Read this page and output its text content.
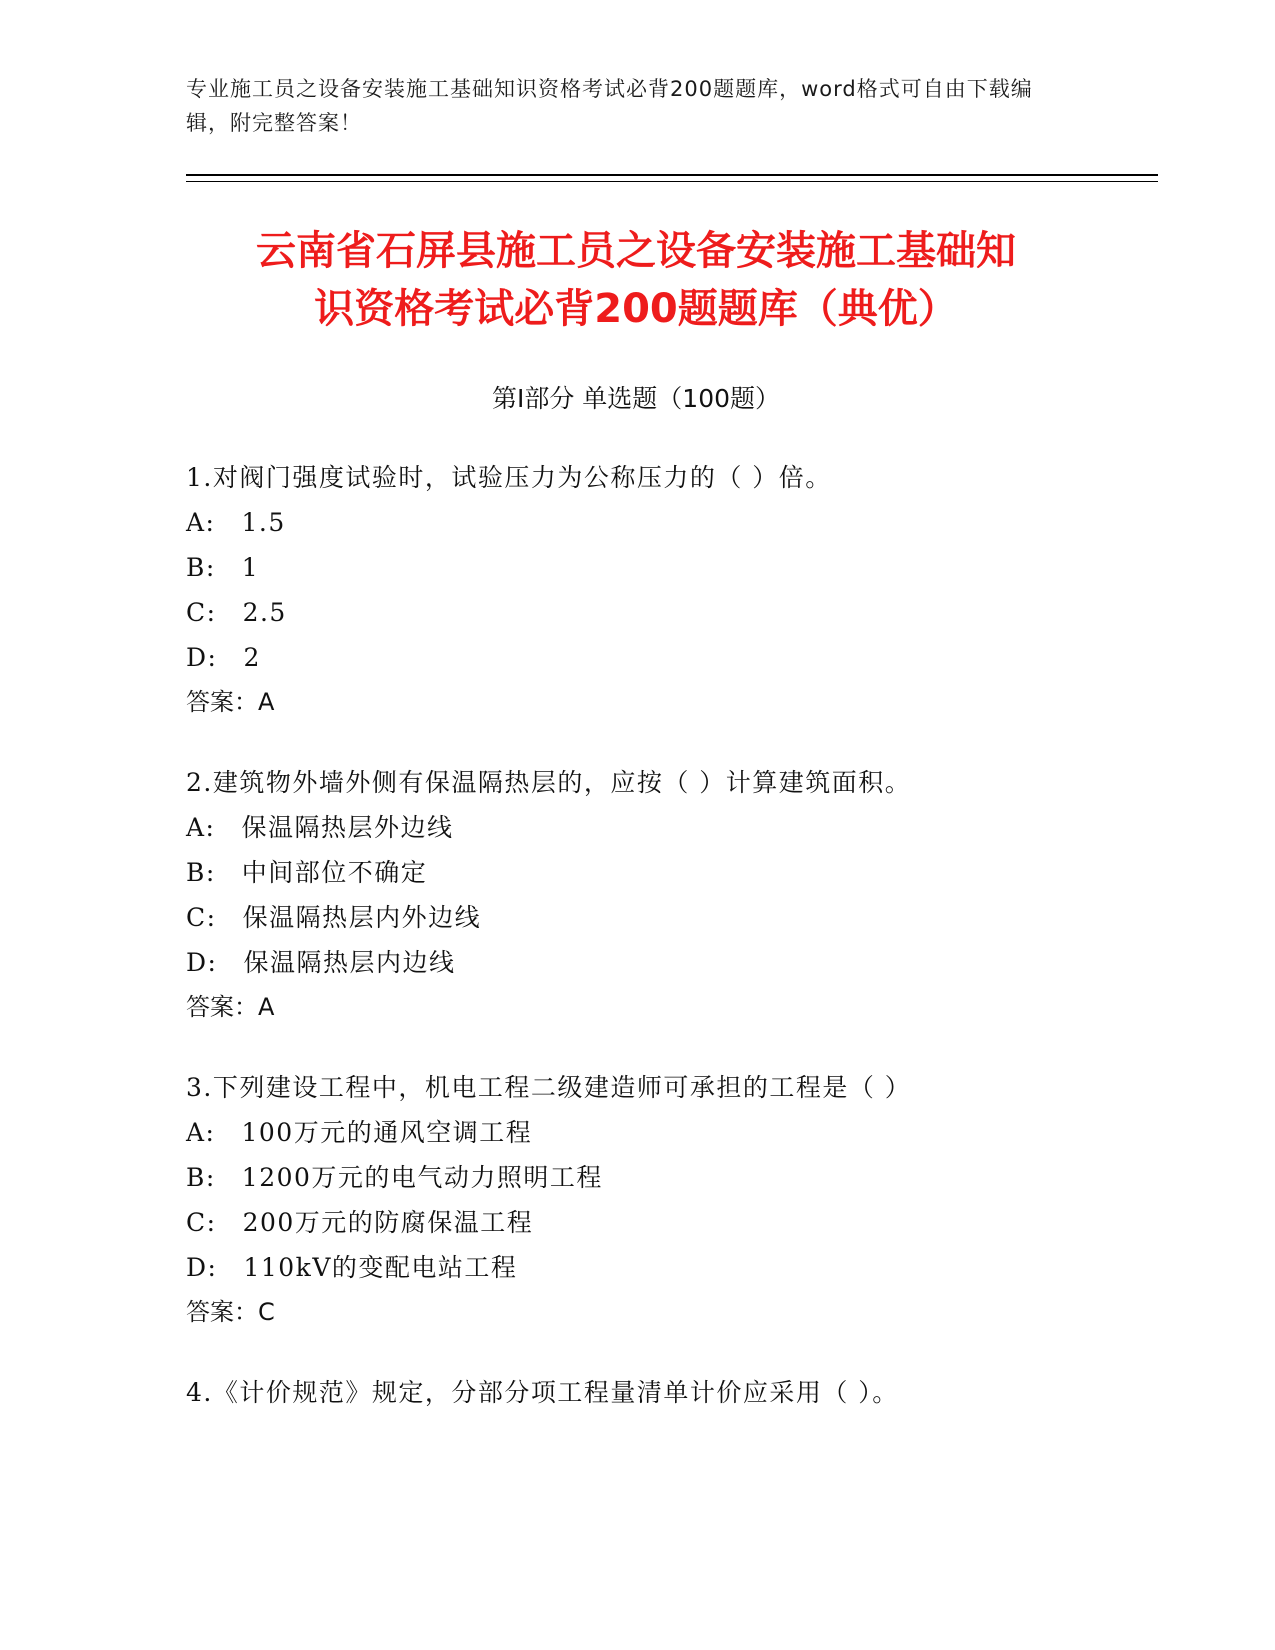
专业施工员之设备安装施工基础知识资格考试必背200题题库，word格式可自由下载编辑，附完整答案！
云南省石屏县施工员之设备安装施工基础知
识资格考试必背200题题库（典优）
第I部分 单选题（100题）
1.对阀门强度试验时，试验压力为公称压力的（ ）倍。
A: 1.5
B: 1
C: 2.5
D: 2
答案：A
2.建筑物外墙外侧有保温隔热层的，应按（ ）计算建筑面积。
A: 保温隔热层外边线
B: 中间部位不确定
C: 保温隔热层内外边线
D: 保温隔热层内边线
答案：A
3.下列建设工程中，机电工程二级建造师可承担的工程是（ ）
A: 100万元的通风空调工程
B: 1200万元的电气动力照明工程
C: 200万元的防腐保温工程
D: 110kV的变配电站工程
答案：C
4.《计价规范》规定，分部分项工程量清单计价应采用（ ）。
